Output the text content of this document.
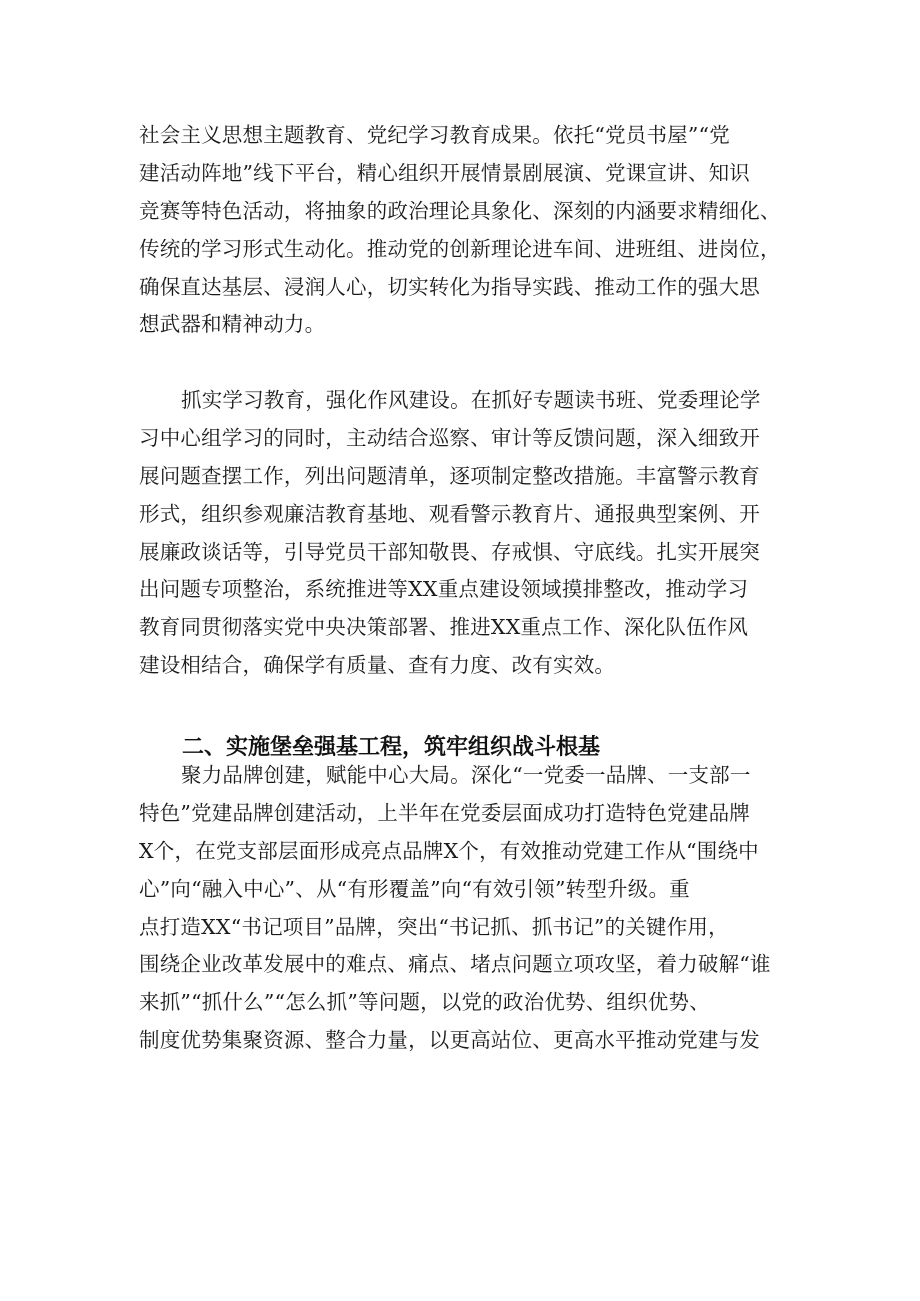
社会主义思想主题教育、党纪学习教育成果。依托“党员书屋”“党
建活动阵地”线下平台，精心组织开展情景剧展演、党课宣讲、知识
竞赛等特色活动，将抽象的政治理论具象化、深刻的内涵要求精细化、
传统的学习形式生动化。推动党的创新理论进车间、进班组、进岗位，
确保直达基层、浸润人心，切实转化为指导实践、推动工作的强大思
想武器和精神动力。
抓实学习教育，强化作风建设。在抓好专题读书班、党委理论学
习中心组学习的同时，主动结合巡察、审计等反馈问题，深入细致开
展问题查摆工作，列出问题清单，逐项制定整改措施。丰富警示教育
形式，组织参观廉洁教育基地、观看警示教育片、通报典型案例、开
展廉政谈话等，引导党员干部知敬畏、存戒惧、守底线。扎实开展突
出问题专项整治，系统推进等XX重点建设领域摸排整改，推动学习
教育同贯彻落实党中央决策部署、推进XX重点工作、深化队伍作风
建设相结合，确保学有质量、查有力度、改有实效。
二、实施堡垒强基工程，筑牢组织战斗根基
聚力品牌创建，赋能中心大局。深化“一党委一品牌、一支部一
特色”党建品牌创建活动，上半年在党委层面成功打造特色党建品牌
X个，在党支部层面形成亮点品牌X个，有效推动党建工作从“围绕中
心”向“融入中心”、从“有形覆盖”向“有效引领”转型升级。重
点打造XX“书记项目”品牌，突出“书记抓、抓书记”的关键作用，
围绕企业改革发展中的难点、痛点、堵点问题立项攻坚，着力破解“谁
来抓”“抓什么”“怎么抓”等问题，以党的政治优势、组织优势、
制度优势集聚资源、整合力量，以更高站位、更高水平推动党建与发
